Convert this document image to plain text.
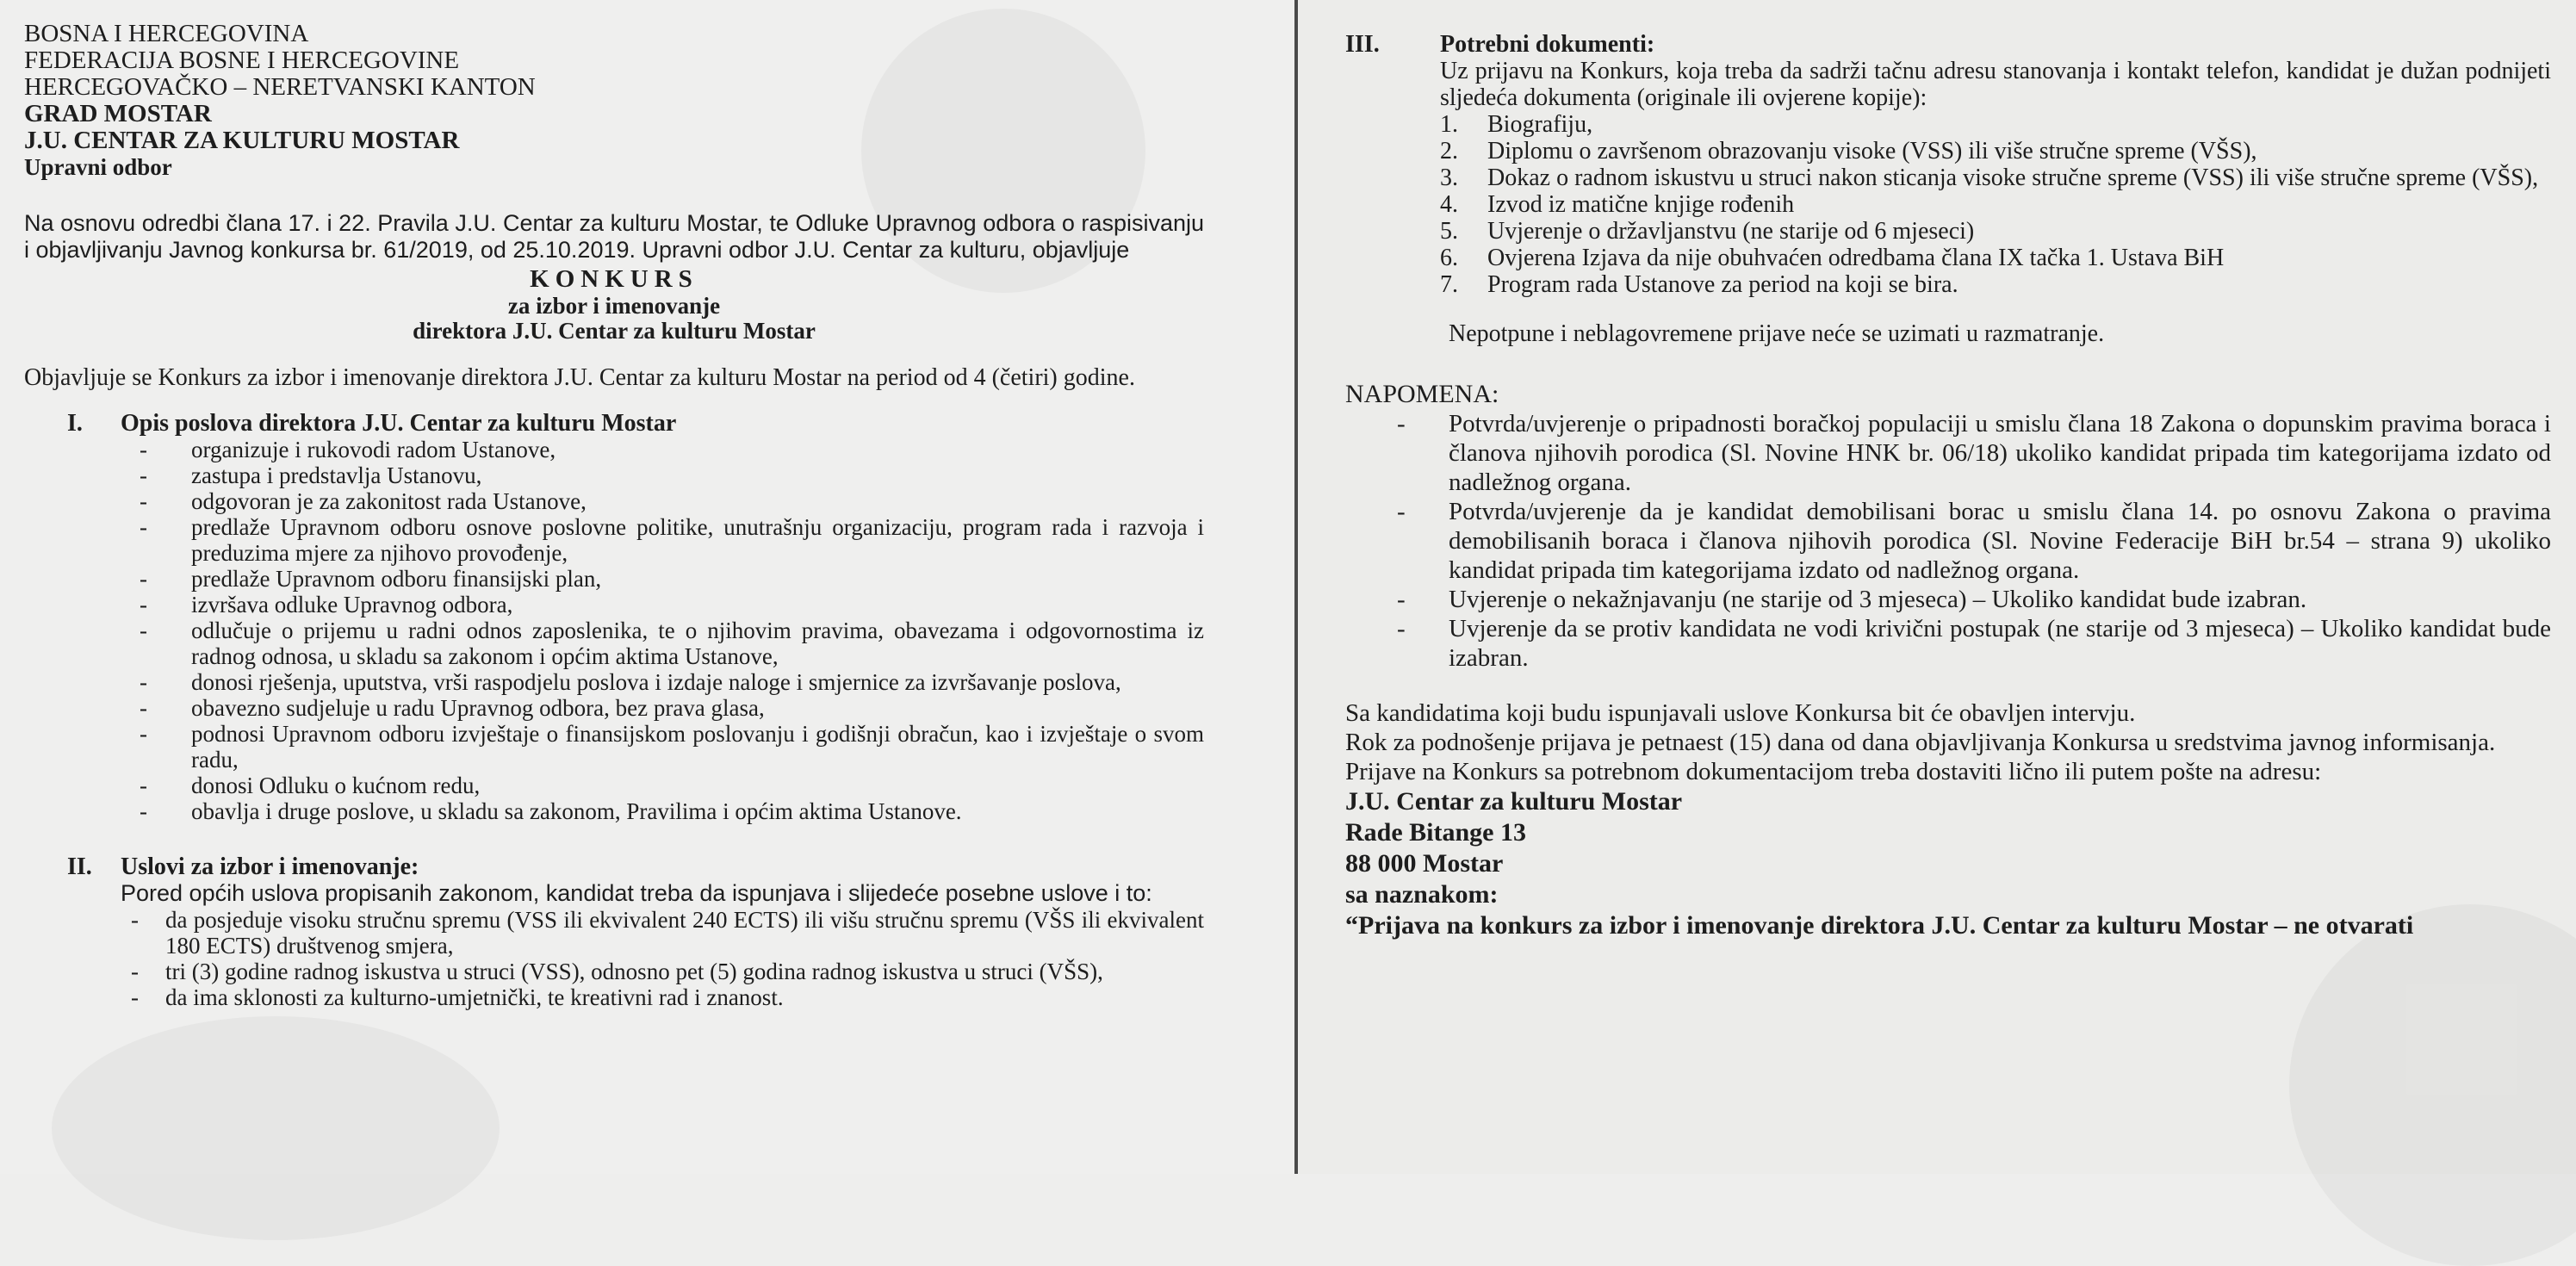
BOSNA I HERCEGOVINA
FEDERACIJA BOSNE I HERCEGOVINE
HERCEGOVAČKO – NERETVANSKI KANTON
GRAD MOSTAR
J.U. CENTAR ZA KULTURU MOSTAR
Upravni odbor

Na osnovu odredbi člana 17. i 22. Pravila J.U. Centar za kulturu Mostar, te Odluke Upravnog odbora o raspisivanju i objavljivanju Javnog konkursa br. 61/2019, od 25.10.2019. Upravni odbor J.U. Centar za kulturu, objavljuje

KONKURS
za izbor i imenovanje
direktora J.U. Centar za kulturu Mostar

Objavljuje se Konkurs za izbor i imenovanje direktora J.U. Centar za kulturu Mostar na period od 4 (četiri) godine.

I.	Opis poslova direktora J.U. Centar za kulturu Mostar
- organizuje i rukovodi radom Ustanove,
- zastupa i predstavlja Ustanovu,
- odgovoran je za zakonitost rada Ustanove,
- predlaže Upravnom odboru osnove poslovne politike, unutrašnju organizaciju, program rada i razvoja i preduzima mjere za njihovo provođenje,
- predlaže Upravnom odboru finansijski plan,
- izvršava odluke Upravnog odbora,
- odlučuje o prijemu u radni odnos zaposlenika, te o njihovim pravima, obavezama i odgovornostima iz radnog odnosa, u skladu sa zakonom i općim aktima Ustanove,
- donosi rješenja, uputstva, vrši raspodjelu poslova i izdaje naloge i smjernice za izvršavanje poslova,
- obavezno sudjeluje u radu Upravnog odbora, bez prava glasa,
- podnosi Upravnom odboru izvještaje o finansijskom poslovanju i godišnji obračun, kao i izvještaje o svom radu,
- donosi Odluku o kućnom redu,
- obavlja i druge poslove, u skladu sa zakonom, Pravilima i općim aktima Ustanove.
II.	Uslovi za izbor i imenovanje:

Pored općih uslova propisanih zakonom, kandidat treba da ispunjava i slijedeće posebne uslove i to:

- da posjeduje visoku stručnu spremu (VSS ili ekvivalent 240 ECTS) ili višu stručnu spremu (VŠS ili ekvivalent 180 ECTS) društvenog smjera,
- tri (3) godine radnog iskustva u struci (VSS), odnosno pet (5) godina radnog iskustva u struci (VŠS),
- da ima sklonosti za kulturno-umjetnički, te kreativni rad i znanost.
III.	Potrebni dokumenti:

Uz prijavu na Konkurs, koja treba da sadrži tačnu adresu stanovanja i kontakt telefon, kandidat je dužan podnijeti sljedeća dokumenta (originale ili ovjerene kopije):

1. Biografiju,
2. Diplomu o završenom obrazovanju visoke (VSS) ili više stručne spreme (VŠS),
3. Dokaz o radnom iskustvu u struci nakon sticanja visoke stručne spreme (VSS) ili više stručne spreme (VŠS),
4. Izvod iz matične knjige rođenih
5. Uvjerenje o državljanstvu (ne starije od 6 mjeseci)
6. Ovjerena Izjava da nije obuhvaćen odredbama člana IX tačka 1. Ustava BiH
7. Program rada Ustanove za period na koji se bira.

Nepotpune i neblagovremene prijave neće se uzimati u razmatranje.

NAPOMENA:
- Potvrda/uvjerenje o pripadnosti boračkoj populaciji u smislu člana 18 Zakona o dopunskim pravima boraca i članova njihovih porodica (Sl. Novine HNK br. 06/18) ukoliko kandidat pripada tim kategorijama izdato od nadležnog organa.
- Potvrda/uvjerenje da je kandidat demobilisani borac u smislu člana 14. po osnovu Zakona o pravima demobilisanih boraca i članova njihovih porodica (Sl. Novine Federacije BiH br.54 – strana 9) ukoliko kandidat pripada tim kategorijama izdato od nadležnog organa.
- Uvjerenje o nekažnjavanju (ne starije od 3 mjeseca) – Ukoliko kandidat bude izabran.
- Uvjerenje da se protiv kandidata ne vodi krivični postupak (ne starije od 3 mjeseca) – Ukoliko kandidat bude izabran.

Sa kandidatima koji budu ispunjavali uslove Konkursa bit će obavljen intervju.

Rok za podnošenje prijava je petnaest (15) dana od dana objavljivanja Konkursa u sredstvima javnog informisanja.

Prijave na Konkurs sa potrebnom dokumentacijom treba dostaviti lično ili putem pošte na adresu:

J.U. Centar za kulturu Mostar
Rade Bitange 13
88 000 Mostar
sa naznakom:
“Prijava na konkurs za izbor i imenovanje direktora J.U. Centar za kulturu Mostar – ne otvarati
